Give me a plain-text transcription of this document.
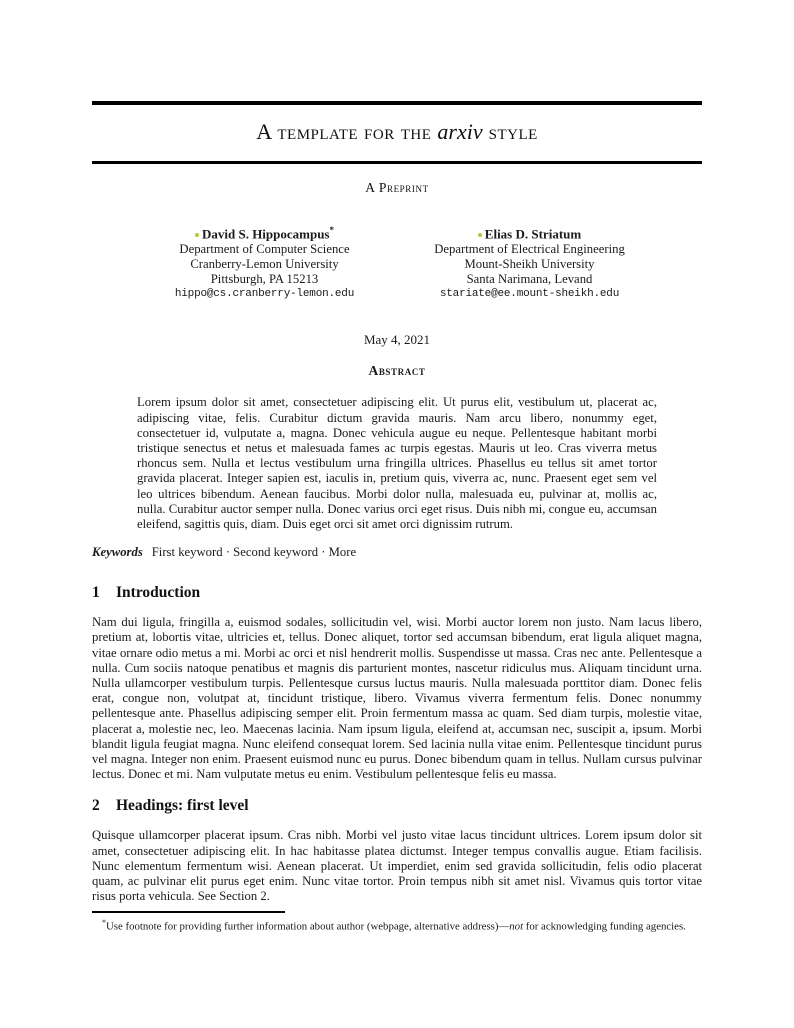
A template for the arxiv style
A Preprint
David S. Hippocampus*
Department of Computer Science
Cranberry-Lemon University
Pittsburgh, PA 15213
hippo@cs.cranberry-lemon.edu
Elias D. Striatum
Department of Electrical Engineering
Mount-Sheikh University
Santa Narimana, Levand
stariate@ee.mount-sheikh.edu
May 4, 2021
Abstract
Lorem ipsum dolor sit amet, consectetuer adipiscing elit. Ut purus elit, vestibulum ut, placerat ac, adipiscing vitae, felis. Curabitur dictum gravida mauris. Nam arcu libero, nonummy eget, consectetuer id, vulputate a, magna. Donec vehicula augue eu neque. Pellentesque habitant morbi tristique senectus et netus et malesuada fames ac turpis egestas. Mauris ut leo. Cras viverra metus rhoncus sem. Nulla et lectus vestibulum urna fringilla ultrices. Phasellus eu tellus sit amet tortor gravida placerat. Integer sapien est, iaculis in, pretium quis, viverra ac, nunc. Praesent eget sem vel leo ultrices bibendum. Aenean faucibus. Morbi dolor nulla, malesuada eu, pulvinar at, mollis ac, nulla. Curabitur auctor semper nulla. Donec varius orci eget risus. Duis nibh mi, congue eu, accumsan eleifend, sagittis quis, diam. Duis eget orci sit amet orci dignissim rutrum.
Keywords First keyword · Second keyword · More
1 Introduction
Nam dui ligula, fringilla a, euismod sodales, sollicitudin vel, wisi. Morbi auctor lorem non justo. Nam lacus libero, pretium at, lobortis vitae, ultricies et, tellus. Donec aliquet, tortor sed accumsan bibendum, erat ligula aliquet magna, vitae ornare odio metus a mi. Morbi ac orci et nisl hendrerit mollis. Suspendisse ut massa. Cras nec ante. Pellentesque a nulla. Cum sociis natoque penatibus et magnis dis parturient montes, nascetur ridiculus mus. Aliquam tincidunt urna. Nulla ullamcorper vestibulum turpis. Pellentesque cursus luctus mauris. Nulla malesuada porttitor diam. Donec felis erat, congue non, volutpat at, tincidunt tristique, libero. Vivamus viverra fermentum felis. Donec nonummy pellentesque ante. Phasellus adipiscing semper elit. Proin fermentum massa ac quam. Sed diam turpis, molestie vitae, placerat a, molestie nec, leo. Maecenas lacinia. Nam ipsum ligula, eleifend at, accumsan nec, suscipit a, ipsum. Morbi blandit ligula feugiat magna. Nunc eleifend consequat lorem. Sed lacinia nulla vitae enim. Pellentesque tincidunt purus vel magna. Integer non enim. Praesent euismod nunc eu purus. Donec bibendum quam in tellus. Nullam cursus pulvinar lectus. Donec et mi. Nam vulputate metus eu enim. Vestibulum pellentesque felis eu massa.
2 Headings: first level
Quisque ullamcorper placerat ipsum. Cras nibh. Morbi vel justo vitae lacus tincidunt ultrices. Lorem ipsum dolor sit amet, consectetuer adipiscing elit. In hac habitasse platea dictumst. Integer tempus convallis augue. Etiam facilisis. Nunc elementum fermentum wisi. Aenean placerat. Ut imperdiet, enim sed gravida sollicitudin, felis odio placerat quam, ac pulvinar elit purus eget enim. Nunc vitae tortor. Proin tempus nibh sit amet nisl. Vivamus quis tortor vitae risus porta vehicula. See Section 2.
*Use footnote for providing further information about author (webpage, alternative address)—not for acknowledging funding agencies.
